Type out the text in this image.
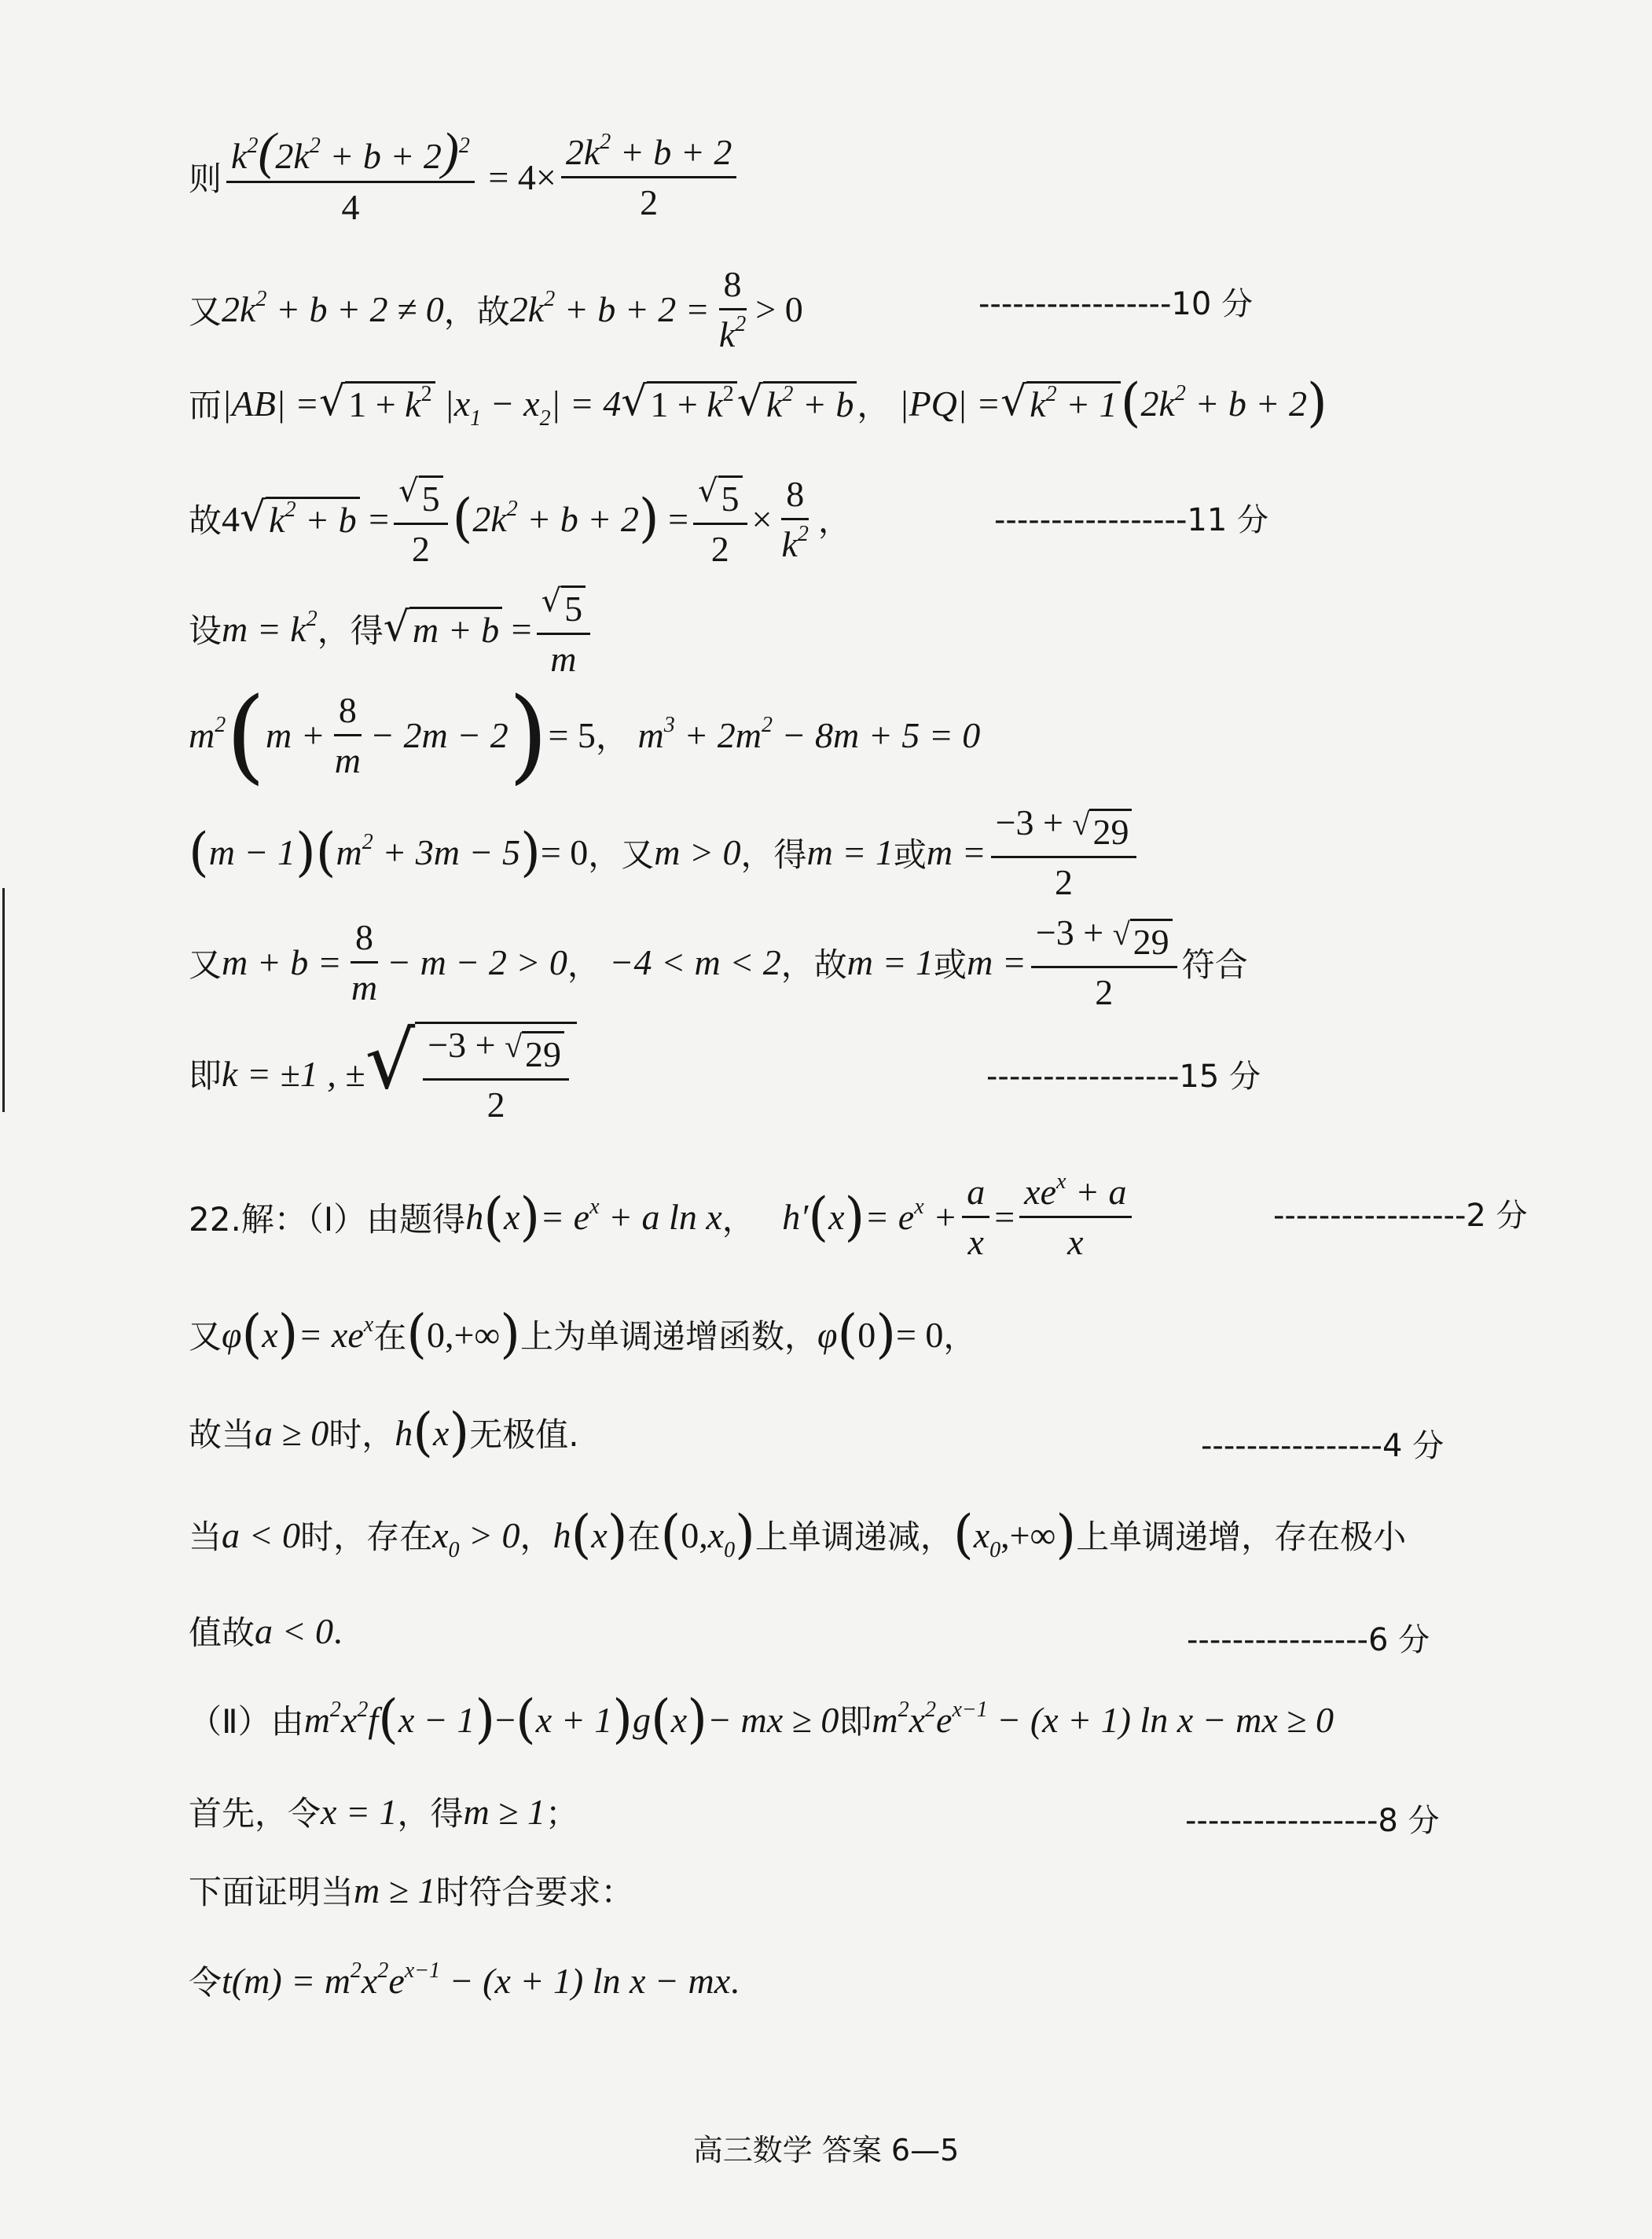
则 $\frac{k^2(2k^2 + b + 2)^2}{4} = 4\times \frac{2k^2 + b + 2}{2}$
又 $2k^2 + b + 2 \ne 0$ ，故 $2k^2 + b + 2 = \frac{8}{k^2} > 0$	-----------------10 分
而 |AB| = √ $1 + k^2$ $|x_1 - x_2| = 4$ √ $1 + k^2$ √ $k^2 + b$ ， |PQ| = √ $k^2 + 1$ ( $2k^2 + b + 2$ )
故 4 √ $k^2 + b = \frac{√ 5}{2}$ ( $2k^2 + b + 2$ ) = $\frac{√ 5}{2} \times \frac{8}{k^2}$ ，	-----------------11 分
设 $m = k^2$ ，得 √ $m + b = \frac{√ 5}{m}$
$m^2$ ( $m + \frac{8}{m} - 2m - 2$ ) = 5 ， $m^3 + 2m^2 - 8m + 5 = 0$
( m − 1 ) ( $m^2 + 3m - 5$ ) = 0 ，又 m > 0 ，得 m = 1 或 $m = \frac{-3 + √ 29}{2}$
又 $m + b = \frac{8}{m} - m - 2 > 0$ ， −4 < m < 2 ，故 m = 1 或 $m = \frac{-3 + √ 29}{2}$ 符合
即 k = ±1 , ± √ $\frac{-3 + √ 29}{2}$	-----------------15 分
22.解：（Ⅰ）由题得 h ( x ) = $e^x + a$ ln x ， h′ ( x ) = $e^x + \frac{a}{x} = \frac{xe^x + a}{x}$	-----------------2 分
又 φ ( x ) = $xe^x$ 在 ( 0,+∞ ) 上为单调递增函数， φ ( 0 ) = 0 ，
故当 a ≥ 0 时， h ( x ) 无极值.	----------------4 分
当 a < 0 时，存在 $x_0 > 0$ ， h ( x ) 在 ( 0, $x_0$ ) 上单调递减， ( $x_0$ ,+∞ ) 上单调递增，存在极小
值故 a < 0 .	----------------6 分
（Ⅱ）由 $m^2x^2f$ ( x − 1 ) − ( x + 1 ) g ( x ) − mx ≥ 0 即 $m^2x^2e^{x-1} - (x + 1)$ ln x − mx ≥ 0
首先，令 x = 1 ，得 m ≥ 1 ；	-----------------8 分
下面证明当 m ≥ 1 时符合要求：
令 $t(m) = m^2x^2e^{x-1} - (x + 1)$ ln x − mx .
高三数学 答案 6—5
